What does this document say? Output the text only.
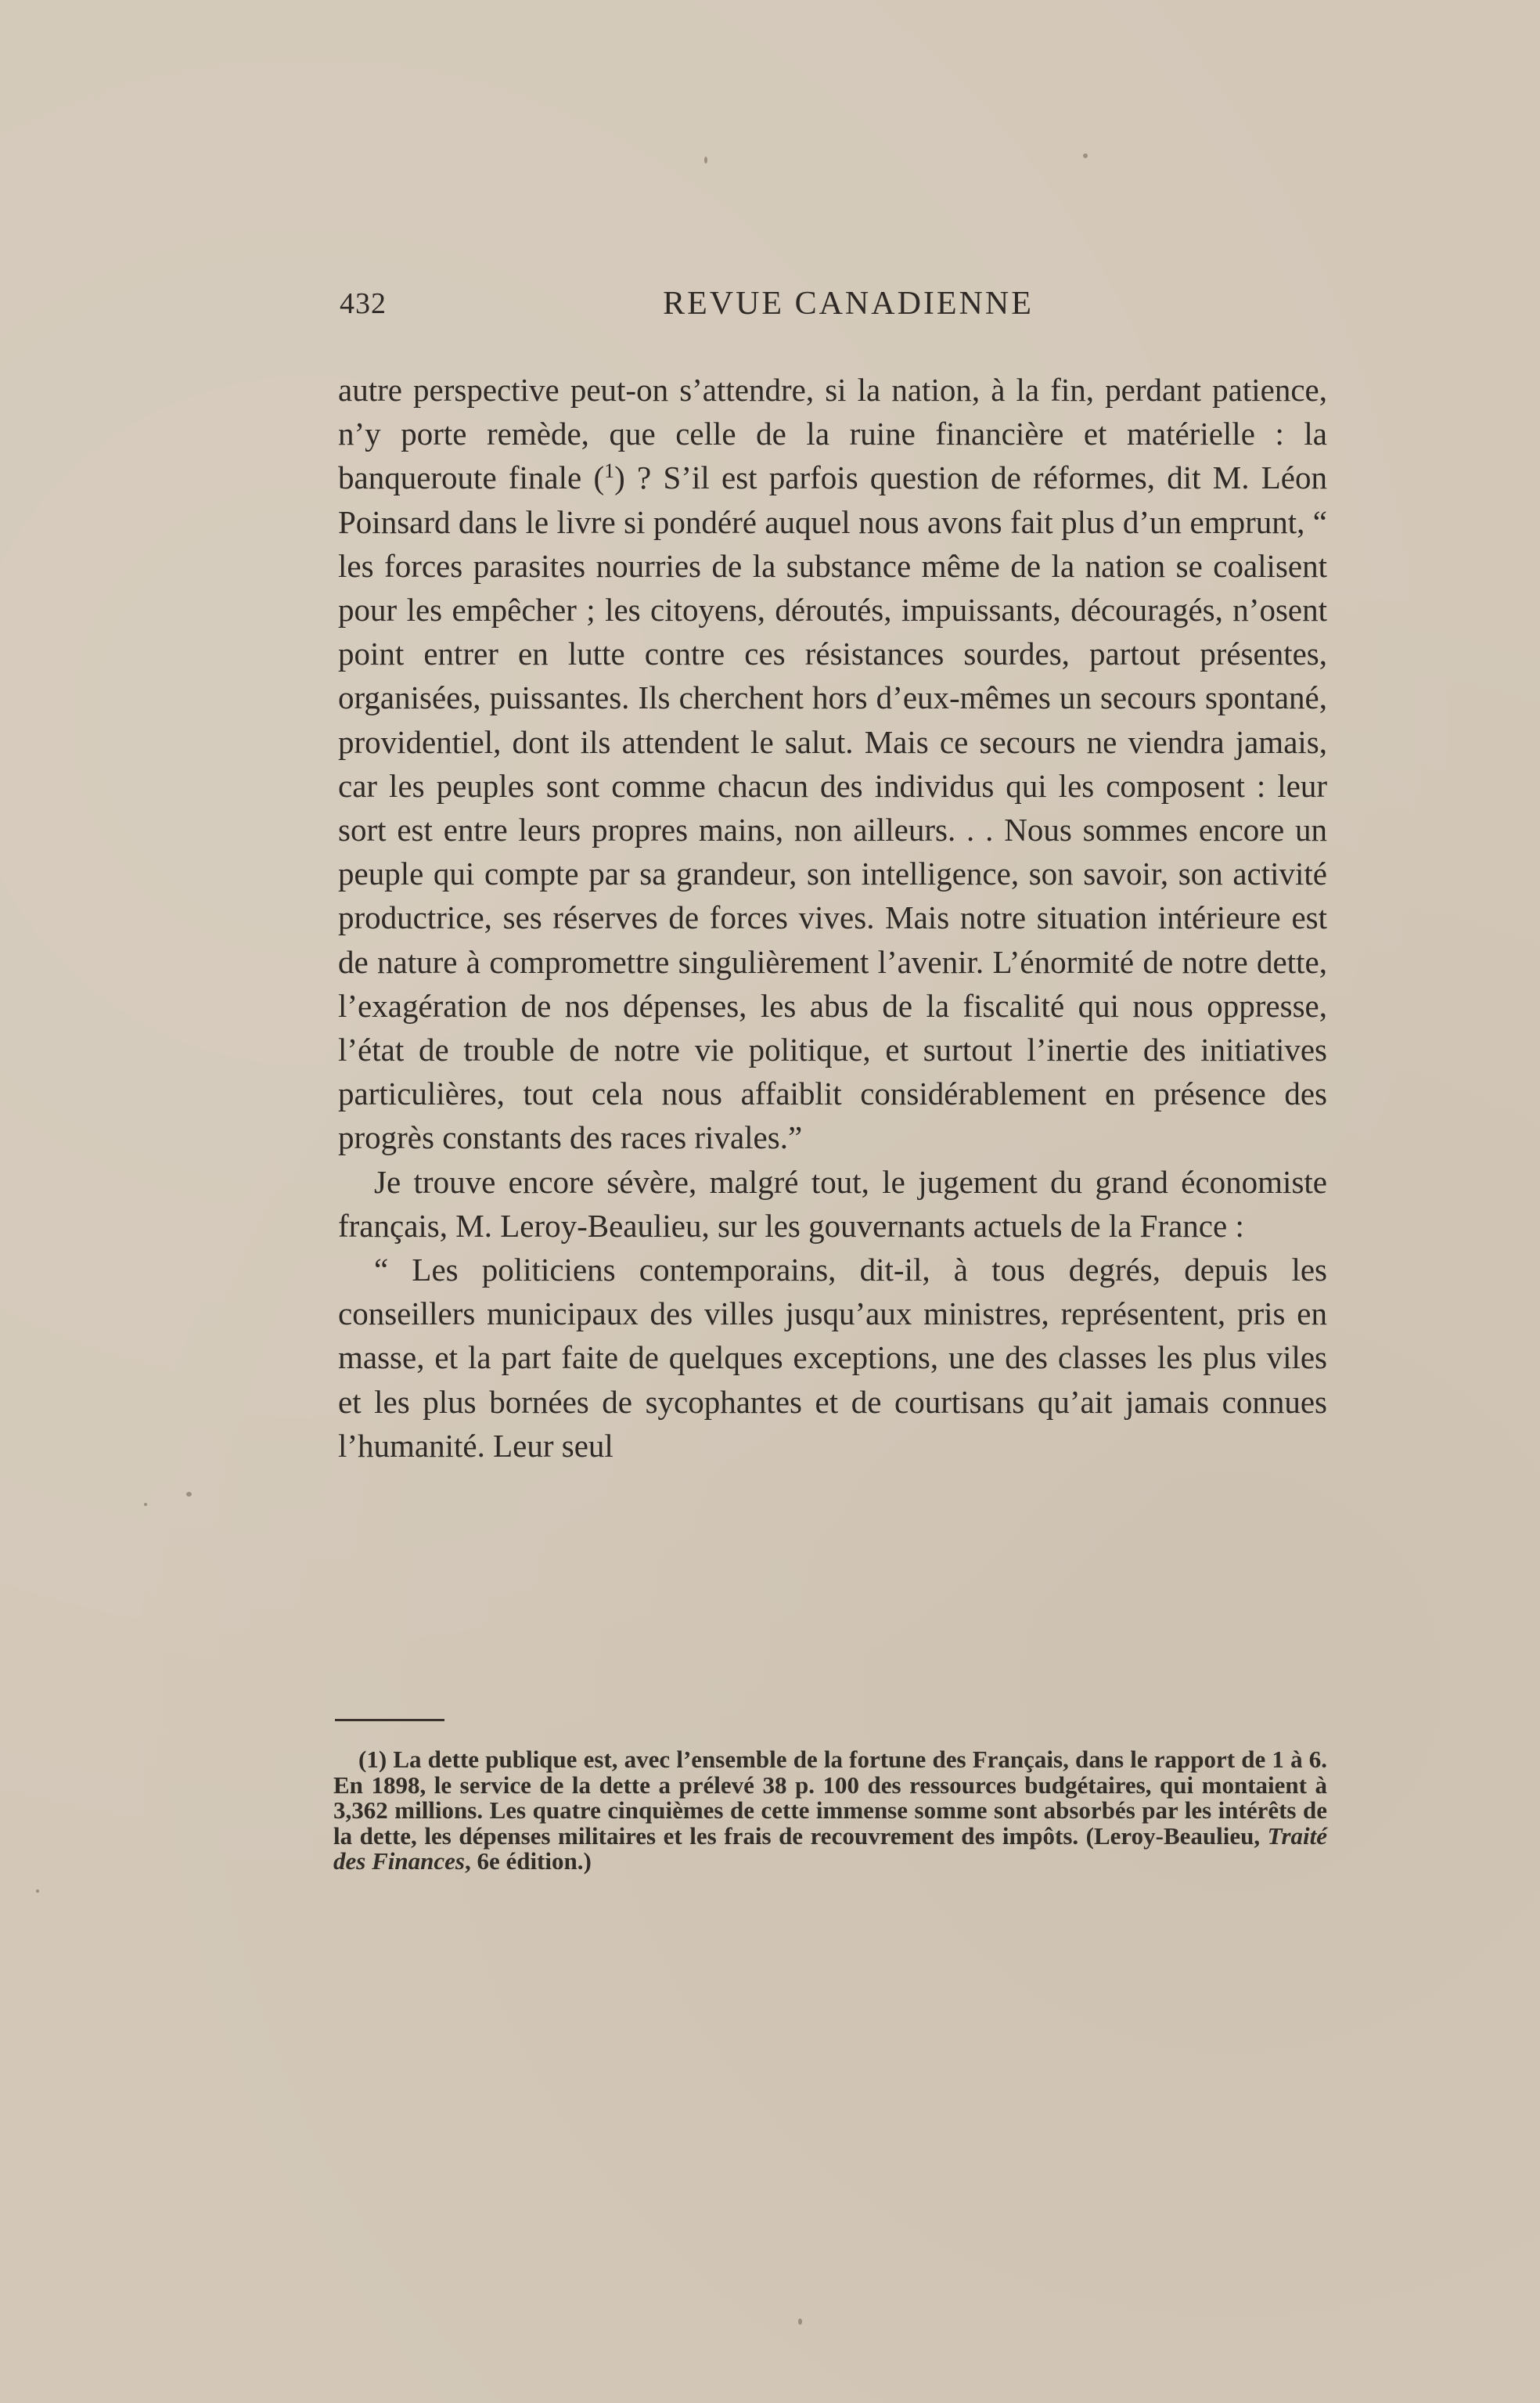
432	REVUE CANADIENNE

autre perspective peut-on s’attendre, si la nation, à la fin, perdant patience, n’y porte remède, que celle de la ruine financière et matérielle : la banqueroute finale ($^1$) ? S’il est parfois question de réformes, dit M. Léon Poinsard dans le livre si pondéré auquel nous avons fait plus d’un emprunt, “ les forces parasites nourries de la substance même de la nation se coalisent pour les empêcher ; les citoyens, déroutés, impuissants, découragés, n’osent point entrer en lutte contre ces résistances sourdes, partout présentes, organisées, puissantes. Ils cherchent hors d’eux-mêmes un secours spontané, providentiel, dont ils attendent le salut. Mais ce secours ne viendra jamais, car les peuples sont comme chacun des individus qui les composent : leur sort est entre leurs propres mains, non ailleurs. . . Nous sommes encore un peuple qui compte par sa grandeur, son intelligence, son savoir, son activité productrice, ses réserves de forces vives. Mais notre situation intérieure est de nature à compromettre singulièrement l’avenir. L’énormité de notre dette, l’exagération de nos dépenses, les abus de la fiscalité qui nous oppresse, l’état de trouble de notre vie politique, et surtout l’inertie des initiatives particulières, tout cela nous affaiblit considérablement en présence des progrès constants des races rivales.”

Je trouve encore sévère, malgré tout, le jugement du grand économiste français, M. Leroy-Beaulieu, sur les gouvernants actuels de la France :

“ Les politiciens contemporains, dit-il, à tous degrés, depuis les conseillers municipaux des villes jusqu’aux ministres, représentent, pris en masse, et la part faite de quelques exceptions, une des classes les plus viles et les plus bornées de sycophantes et de courtisans qu’ait jamais connues l’humanité. Leur seul

(1) La dette publique est, avec l’ensemble de la fortune des Français, dans le rapport de 1 à 6. En 1898, le service de la dette a prélevé 38 p. 100 des ressources budgétaires, qui montaient à 3,362 millions. Les quatre cinquièmes de cette immense somme sont absorbés par les intérêts de la dette, les dépenses militaires et les frais de recouvrement des impôts. (Leroy-Beaulieu, Traité des Finances, 6e édition.)
